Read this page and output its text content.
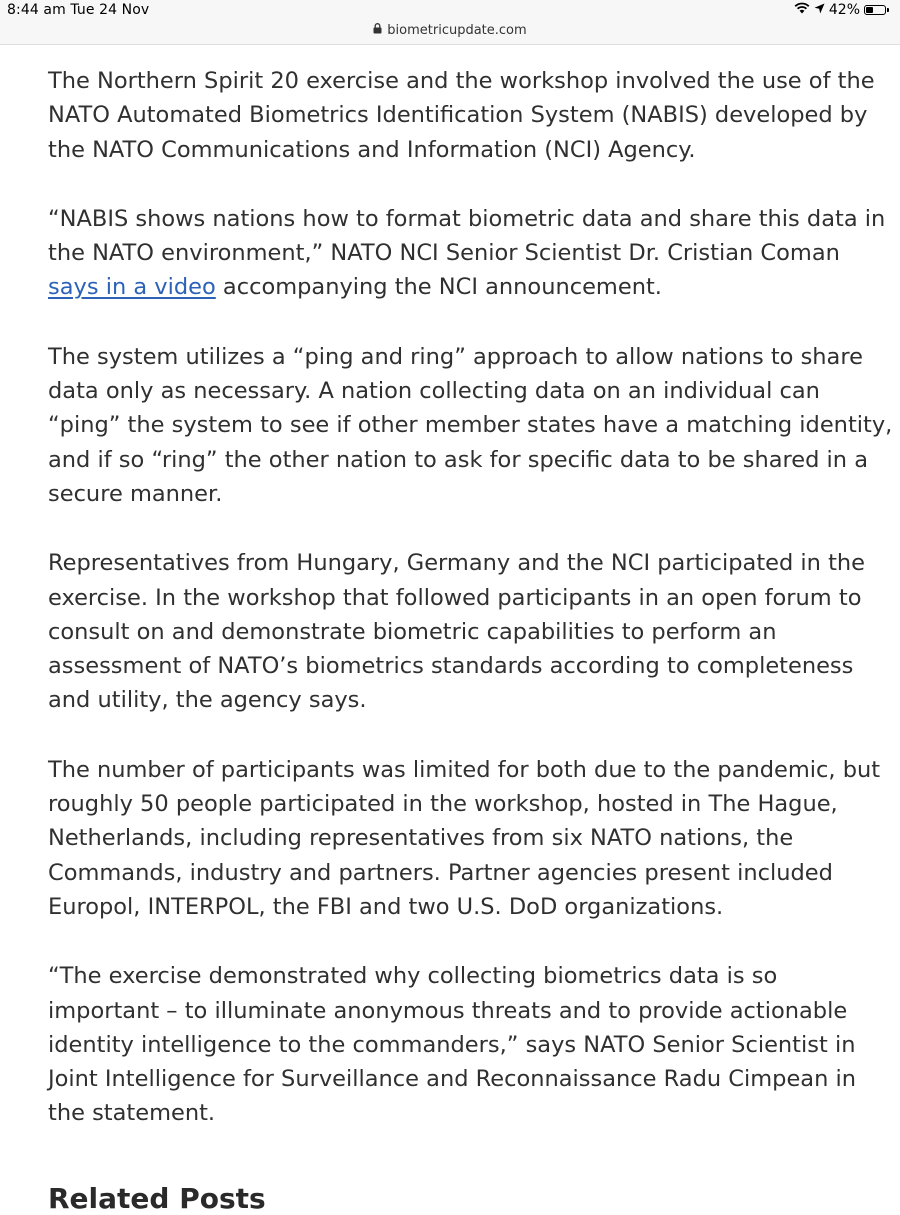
8:44 am Tue 24 Nov	42%
biometricupdate.com

The Northern Spirit 20 exercise and the workshop involved the use of the NATO Automated Biometrics Identification System (NABIS) developed by the NATO Communications and Information (NCI) Agency.

“NABIS shows nations how to format biometric data and share this data in the NATO environment,” NATO NCI Senior Scientist Dr. Cristian Coman says in a video accompanying the NCI announcement.

The system utilizes a “ping and ring” approach to allow nations to share data only as necessary. A nation collecting data on an individual can “ping” the system to see if other member states have a matching identity, and if so “ring” the other nation to ask for specific data to be shared in a secure manner.

Representatives from Hungary, Germany and the NCI participated in the exercise. In the workshop that followed participants in an open forum to consult on and demonstrate biometric capabilities to perform an assessment of NATO’s biometrics standards according to completeness and utility, the agency says.

The number of participants was limited for both due to the pandemic, but roughly 50 people participated in the workshop, hosted in The Hague, Netherlands, including representatives from six NATO nations, the Commands, industry and partners. Partner agencies present included Europol, INTERPOL, the FBI and two U.S. DoD organizations.

“The exercise demonstrated why collecting biometrics data is so important – to illuminate anonymous threats and to provide actionable identity intelligence to the commanders,” says NATO Senior Scientist in Joint Intelligence for Surveillance and Reconnaissance Radu Cimpean in the statement.

Related Posts
